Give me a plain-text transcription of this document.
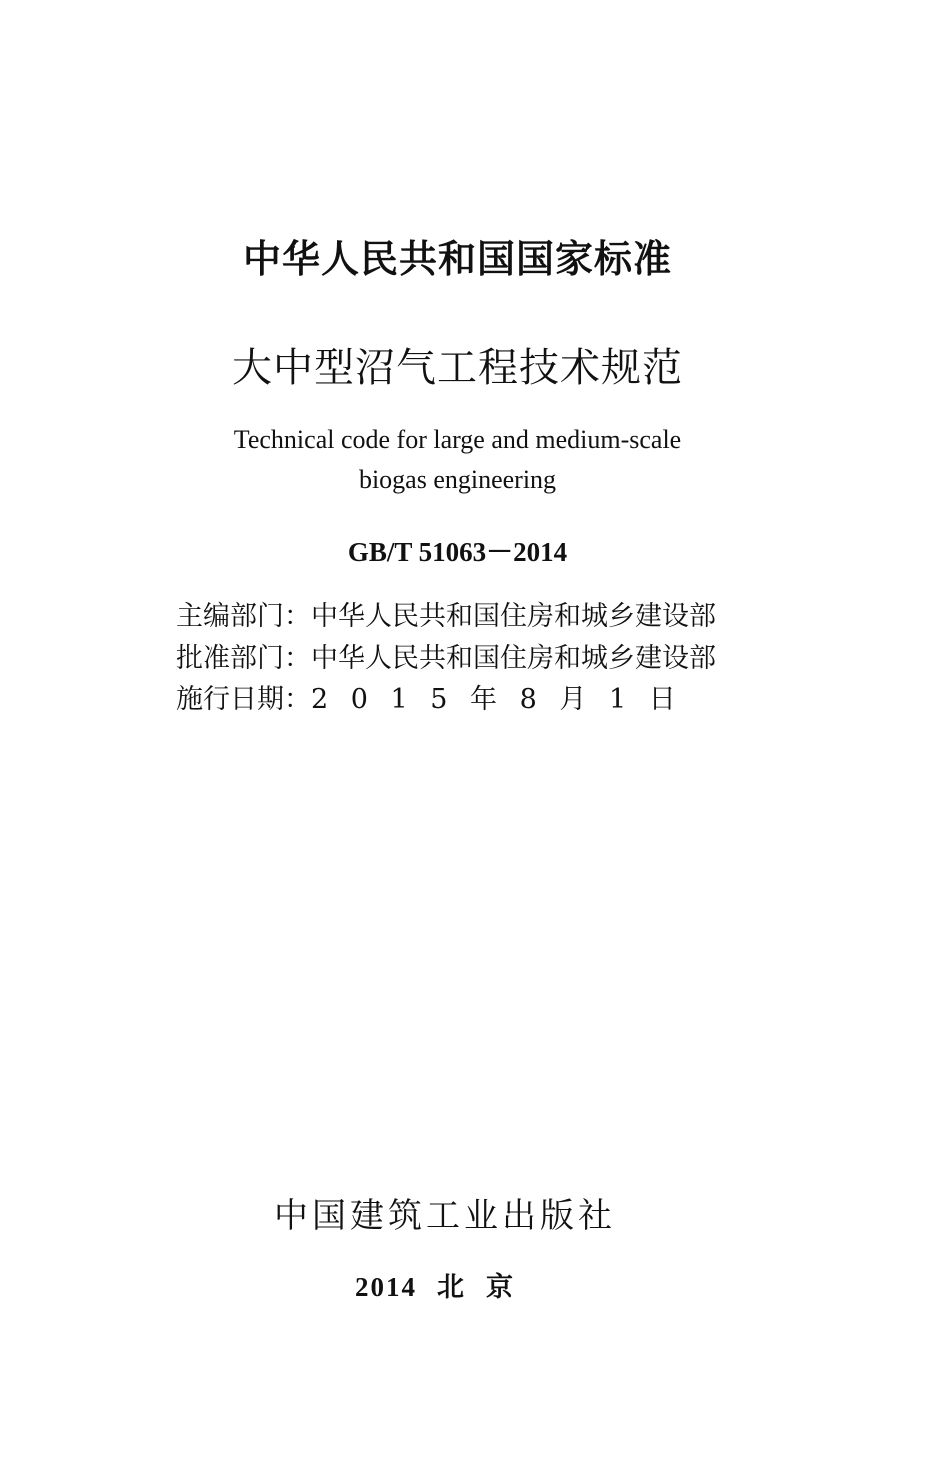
中华人民共和国国家标准
大中型沼气工程技术规范
Technical code for large and medium-scale
biogas engineering
GB/T 51063－2014
主编部门：中华人民共和国住房和城乡建设部
批准部门：中华人民共和国住房和城乡建设部
施行日期：2 0 1 5 年 8 月 1 日
中国建筑工业出版社
2014 北京
